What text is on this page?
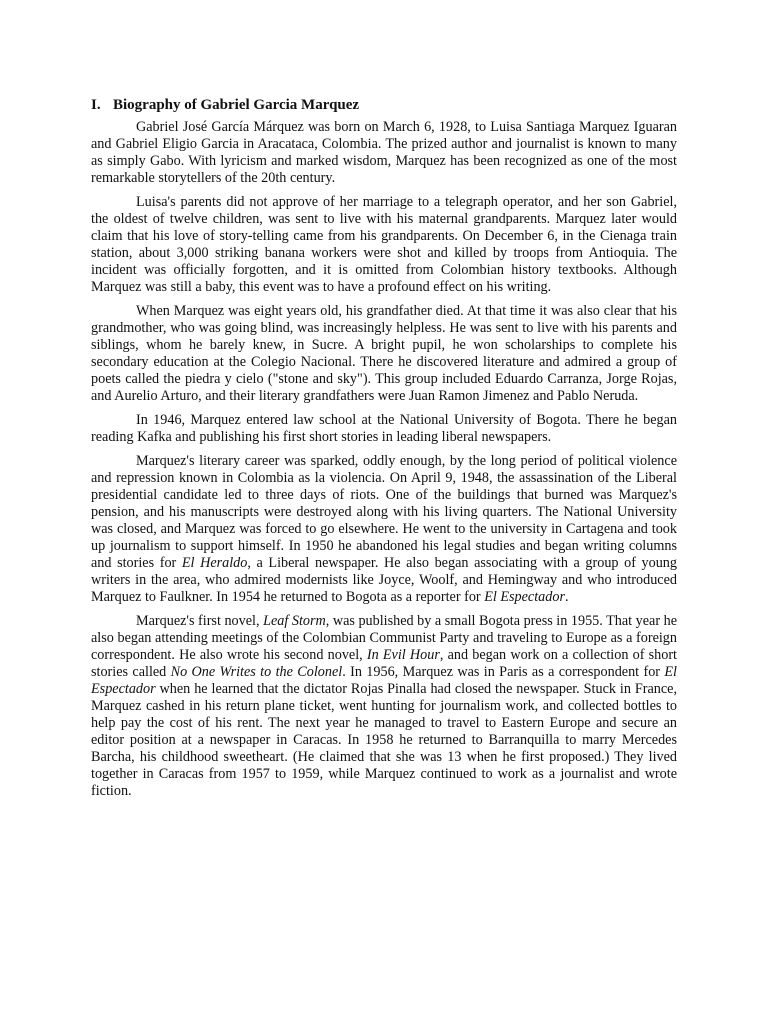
I. Biography of Gabriel Garcia Marquez

Gabriel José García Márquez was born on March 6, 1928, to Luisa Santiaga Marquez Iguaran and Gabriel Eligio Garcia in Aracataca, Colombia. The prized author and journalist is known to many as simply Gabo. With lyricism and marked wisdom, Marquez has been recognized as one of the most remarkable storytellers of the 20th century.

Luisa's parents did not approve of her marriage to a telegraph operator, and her son Gabriel, the oldest of twelve children, was sent to live with his maternal grandparents. Marquez later would claim that his love of story-telling came from his grandparents. On December 6, in the Cienaga train station, about 3,000 striking banana workers were shot and killed by troops from Antioquia. The incident was officially forgotten, and it is omitted from Colombian history textbooks. Although Marquez was still a baby, this event was to have a profound effect on his writing.

When Marquez was eight years old, his grandfather died. At that time it was also clear that his grandmother, who was going blind, was increasingly helpless. He was sent to live with his parents and siblings, whom he barely knew, in Sucre. A bright pupil, he won scholarships to complete his secondary education at the Colegio Nacional. There he discovered literature and admired a group of poets called the piedra y cielo ("stone and sky"). This group included Eduardo Carranza, Jorge Rojas, and Aurelio Arturo, and their literary grandfathers were Juan Ramon Jimenez and Pablo Neruda.

In 1946, Marquez entered law school at the National University of Bogota. There he began reading Kafka and publishing his first short stories in leading liberal newspapers.

Marquez's literary career was sparked, oddly enough, by the long period of political violence and repression known in Colombia as la violencia. On April 9, 1948, the assassination of the Liberal presidential candidate led to three days of riots. One of the buildings that burned was Marquez's pension, and his manuscripts were destroyed along with his living quarters. The National University was closed, and Marquez was forced to go elsewhere. He went to the university in Cartagena and took up journalism to support himself. In 1950 he abandoned his legal studies and began writing columns and stories for El Heraldo, a Liberal newspaper. He also began associating with a group of young writers in the area, who admired modernists like Joyce, Woolf, and Hemingway and who introduced Marquez to Faulkner. In 1954 he returned to Bogota as a reporter for El Espectador.

Marquez's first novel, Leaf Storm, was published by a small Bogota press in 1955. That year he also began attending meetings of the Colombian Communist Party and traveling to Europe as a foreign correspondent. He also wrote his second novel, In Evil Hour, and began work on a collection of short stories called No One Writes to the Colonel. In 1956, Marquez was in Paris as a correspondent for El Espectador when he learned that the dictator Rojas Pinalla had closed the newspaper. Stuck in France, Marquez cashed in his return plane ticket, went hunting for journalism work, and collected bottles to help pay the cost of his rent. The next year he managed to travel to Eastern Europe and secure an editor position at a newspaper in Caracas. In 1958 he returned to Barranquilla to marry Mercedes Barcha, his childhood sweetheart. (He claimed that she was 13 when he first proposed.) They lived together in Caracas from 1957 to 1959, while Marquez continued to work as a journalist and wrote fiction.
